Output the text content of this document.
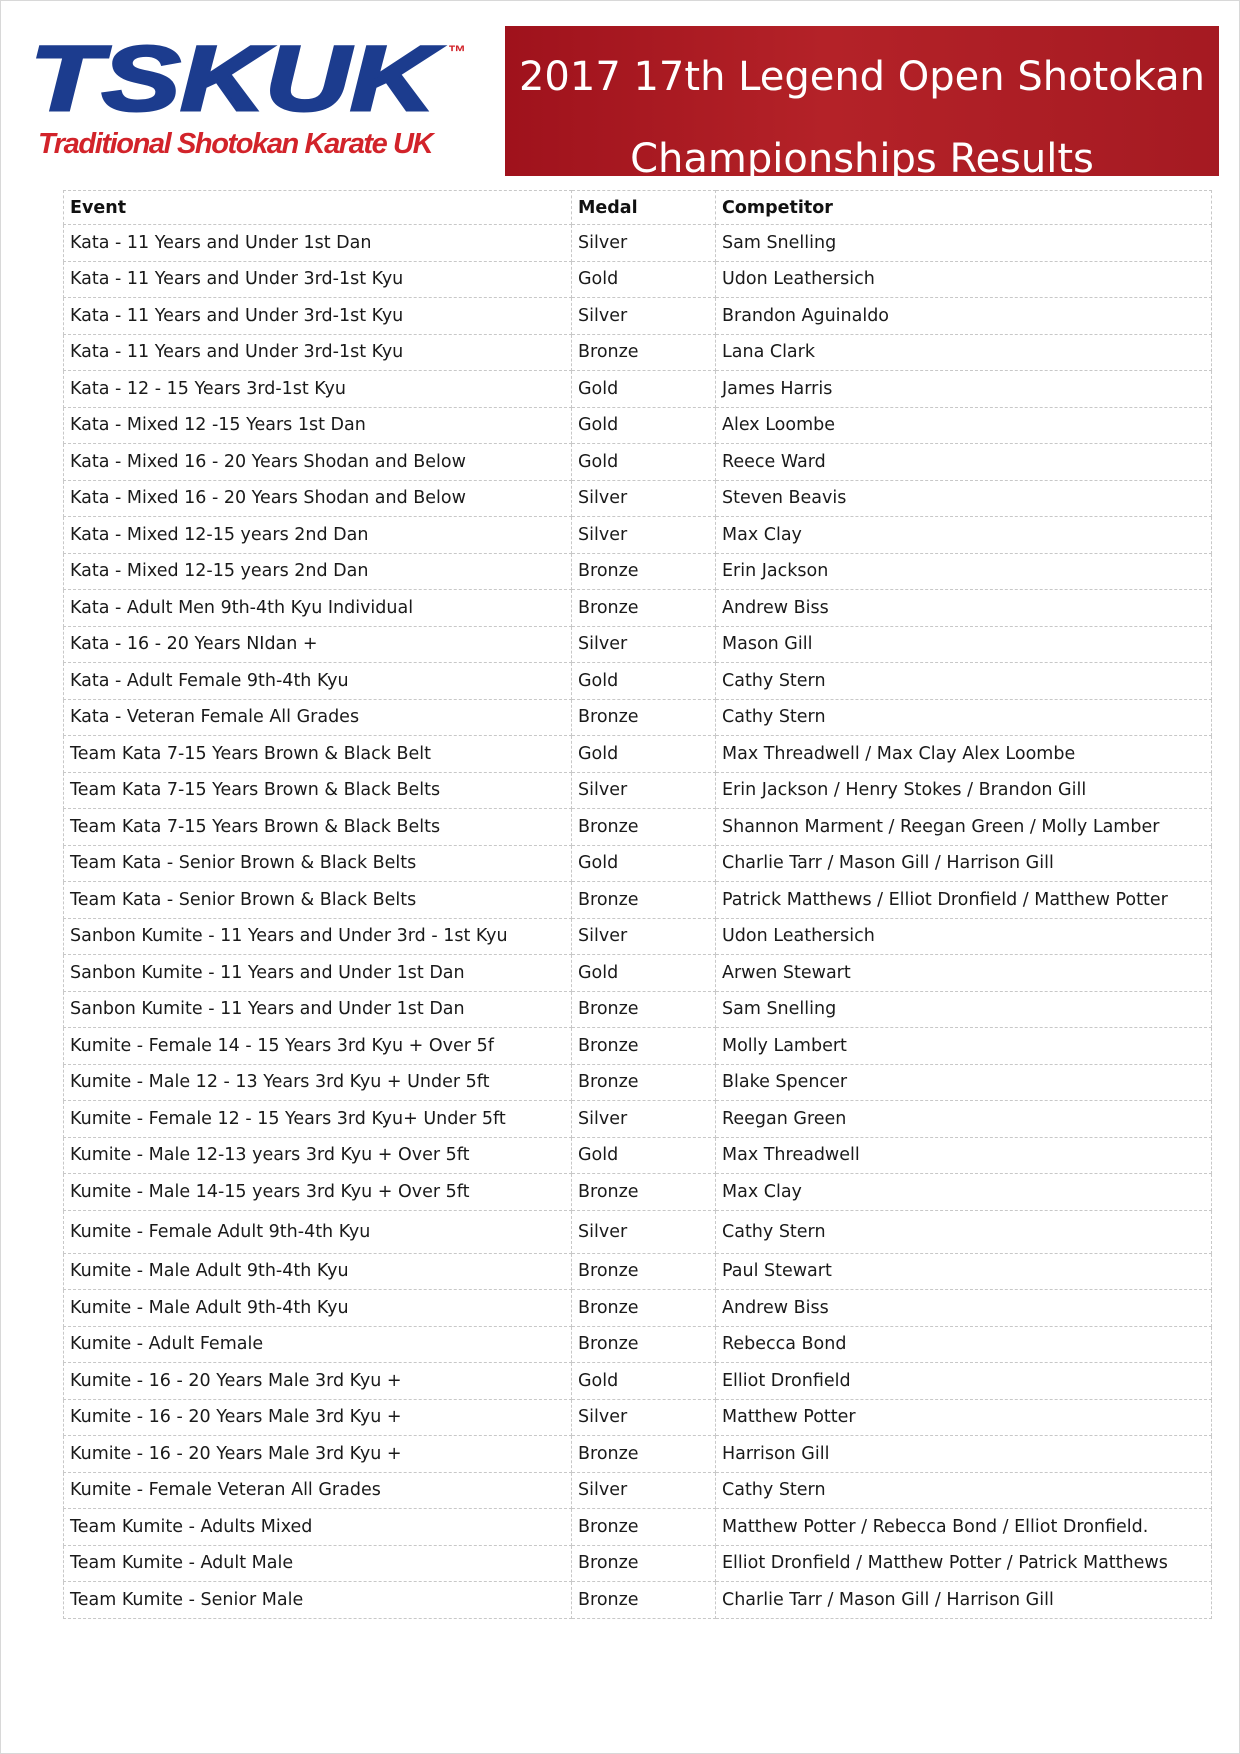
TSKUK ™
Traditional Shotokan Karate UK
2017 17th Legend Open Shotokan
Championships Results
Event	Medal	Competitor
Kata - 11 Years and Under 1st Dan	Silver	Sam Snelling
Kata - 11 Years and Under 3rd-1st Kyu	Gold	Udon Leathersich
Kata - 11 Years and Under 3rd-1st Kyu	Silver	Brandon Aguinaldo
Kata - 11 Years and Under 3rd-1st Kyu	Bronze	Lana Clark
Kata - 12 - 15 Years 3rd-1st Kyu	Gold	James Harris
Kata - Mixed 12 -15 Years 1st Dan	Gold	Alex Loombe
Kata - Mixed 16 - 20 Years Shodan and Below	Gold	Reece Ward
Kata - Mixed 16 - 20 Years Shodan and Below	Silver	Steven Beavis
Kata - Mixed 12-15 years 2nd Dan	Silver	Max Clay
Kata - Mixed 12-15 years 2nd Dan	Bronze	Erin Jackson
Kata - Adult Men 9th-4th Kyu Individual	Bronze	Andrew Biss
Kata - 16 - 20 Years NIdan +	Silver	Mason Gill
Kata - Adult Female 9th-4th Kyu	Gold	Cathy Stern
Kata - Veteran Female All Grades	Bronze	Cathy Stern
Team Kata 7-15 Years Brown & Black Belt	Gold	Max Threadwell / Max Clay Alex Loombe
Team Kata 7-15 Years Brown & Black Belts	Silver	Erin Jackson / Henry Stokes / Brandon Gill
Team Kata 7-15 Years Brown & Black Belts	Bronze	Shannon Marment / Reegan Green / Molly Lamber
Team Kata - Senior Brown & Black Belts	Gold	Charlie Tarr / Mason Gill / Harrison Gill
Team Kata - Senior Brown & Black Belts	Bronze	Patrick Matthews / Elliot Dronfield / Matthew Potter
Sanbon Kumite - 11 Years and Under 3rd - 1st Kyu	Silver	Udon Leathersich
Sanbon Kumite - 11 Years and Under 1st Dan	Gold	Arwen Stewart
Sanbon Kumite - 11 Years and Under 1st Dan	Bronze	Sam Snelling
Kumite - Female 14 - 15 Years 3rd Kyu + Over 5f	Bronze	Molly Lambert
Kumite - Male 12 - 13 Years 3rd Kyu + Under 5ft	Bronze	Blake Spencer
Kumite - Female 12 - 15 Years 3rd Kyu+ Under 5ft	Silver	Reegan Green
Kumite - Male 12-13 years 3rd Kyu + Over 5ft	Gold	Max Threadwell
Kumite - Male 14-15 years 3rd Kyu + Over 5ft	Bronze	Max Clay
Kumite - Female Adult 9th-4th Kyu	Silver	Cathy Stern
Kumite - Male Adult 9th-4th Kyu	Bronze	Paul Stewart
Kumite - Male Adult 9th-4th Kyu	Bronze	Andrew Biss
Kumite - Adult Female	Bronze	Rebecca Bond
Kumite - 16 - 20 Years Male 3rd Kyu +	Gold	Elliot Dronfield
Kumite - 16 - 20 Years Male 3rd Kyu +	Silver	Matthew Potter
Kumite - 16 - 20 Years Male 3rd Kyu +	Bronze	Harrison Gill
Kumite - Female Veteran All Grades	Silver	Cathy Stern
Team Kumite - Adults Mixed	Bronze	Matthew Potter / Rebecca Bond / Elliot Dronfield.
Team Kumite - Adult Male	Bronze	Elliot Dronfield / Matthew Potter / Patrick Matthews
Team Kumite - Senior Male	Bronze	Charlie Tarr / Mason Gill / Harrison Gill
